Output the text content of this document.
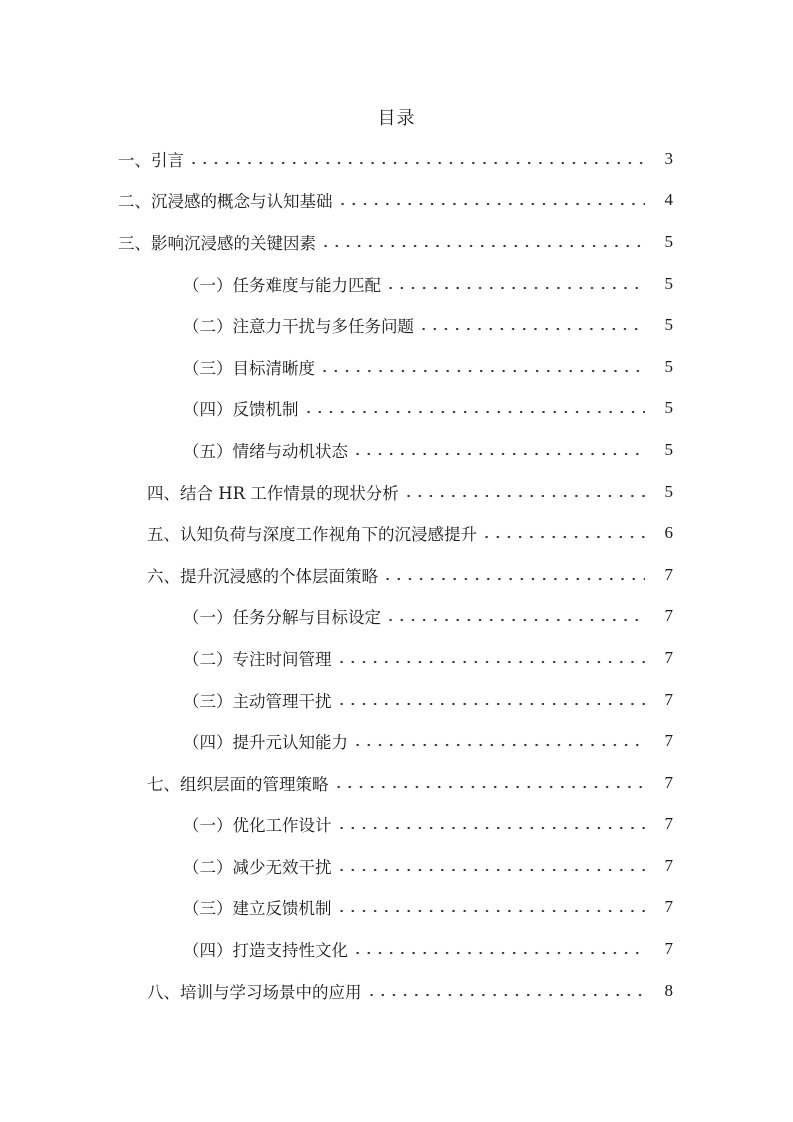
目录
一、引言	3
二、沉浸感的概念与认知基础	4
三、影响沉浸感的关键因素	5
（一）任务难度与能力匹配	5
（二）注意力干扰与多任务问题	5
（三）目标清晰度	5
（四）反馈机制	5
（五）情绪与动机状态	5
四、结合 HR 工作情景的现状分析	5
五、认知负荷与深度工作视角下的沉浸感提升	6
六、提升沉浸感的个体层面策略	7
（一）任务分解与目标设定	7
（二）专注时间管理	7
（三）主动管理干扰	7
（四）提升元认知能力	7
七、组织层面的管理策略	7
（一）优化工作设计	7
（二）减少无效干扰	7
（三）建立反馈机制	7
（四）打造支持性文化	7
八、培训与学习场景中的应用	8
